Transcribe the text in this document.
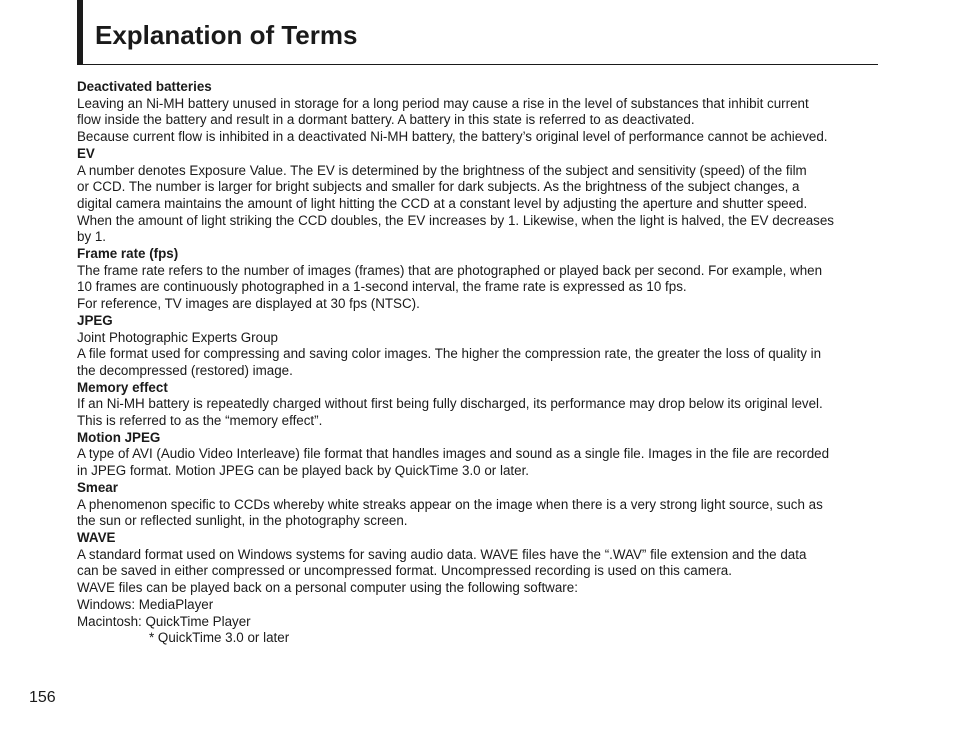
Explanation of Terms
Deactivated batteries
Leaving an Ni-MH battery unused in storage for a long period may cause a rise in the level of substances that inhibit current
flow inside the battery and result in a dormant battery. A battery in this state is referred to as deactivated.
Because current flow is inhibited in a deactivated Ni-MH battery, the battery’s original level of performance cannot be achieved.
EV
A number denotes Exposure Value. The EV is determined by the brightness of the subject and sensitivity (speed) of the film
or CCD. The number is larger for bright subjects and smaller for dark subjects. As the brightness of the subject changes, a
digital camera maintains the amount of light hitting the CCD at a constant level by adjusting the aperture and shutter speed.
When the amount of light striking the CCD doubles, the EV increases by 1. Likewise, when the light is halved, the EV decreases
by 1.
Frame rate (fps)
The frame rate refers to the number of images (frames) that are photographed or played back per second. For example, when
10 frames are continuously photographed in a 1-second interval, the frame rate is expressed as 10 fps.
For reference, TV images are displayed at 30 fps (NTSC).
JPEG
Joint Photographic Experts Group
A file format used for compressing and saving color images. The higher the compression rate, the greater the loss of quality in
the decompressed (restored) image.
Memory effect
If an Ni-MH battery is repeatedly charged without first being fully discharged, its performance may drop below its original level.
This is referred to as the “memory effect”.
Motion JPEG
A type of AVI (Audio Video Interleave) file format that handles images and sound as a single file. Images in the file are recorded
in JPEG format. Motion JPEG can be played back by QuickTime 3.0 or later.
Smear
A phenomenon specific to CCDs whereby white streaks appear on the image when there is a very strong light source, such as
the sun or reflected sunlight, in the photography screen.
WAVE
A standard format used on Windows systems for saving audio data. WAVE files have the “.WAV” file extension and the data
can be saved in either compressed or uncompressed format. Uncompressed recording is used on this camera.
WAVE files can be played back on a personal computer using the following software:
Windows: MediaPlayer
Macintosh: QuickTime Player
* QuickTime 3.0 or later
156
